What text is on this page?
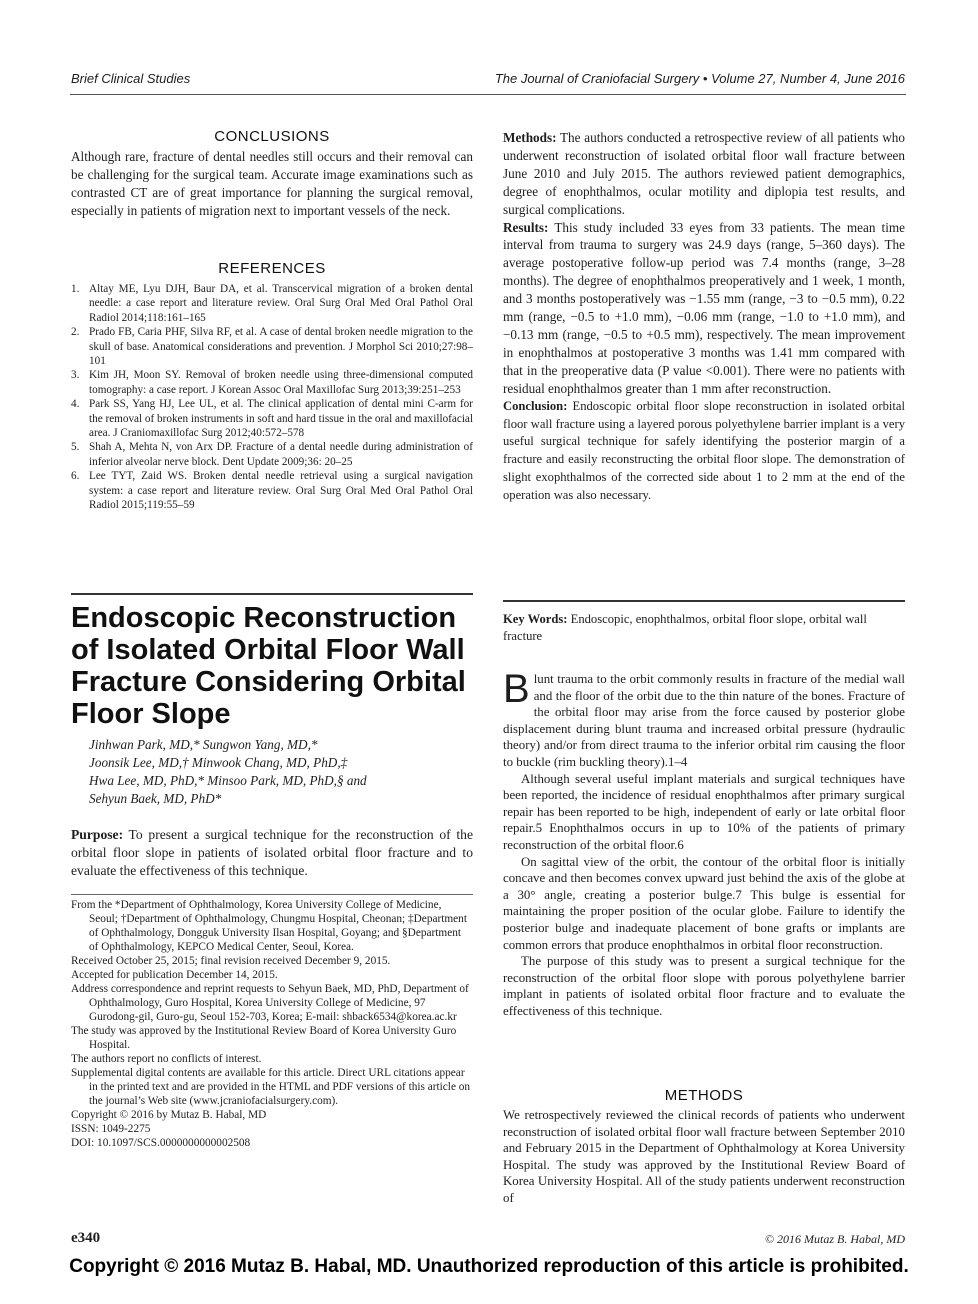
Brief Clinical Studies	The Journal of Craniofacial Surgery • Volume 27, Number 4, June 2016
CONCLUSIONS

Although rare, fracture of dental needles still occurs and their removal can be challenging for the surgical team. Accurate image examinations such as contrasted CT are of great importance for planning the surgical removal, especially in patients of migration next to important vessels of the neck.

REFERENCES
1. Altay ME, Lyu DJH, Baur DA, et al. Transcervical migration of a broken dental needle: a case report and literature review. Oral Surg Oral Med Oral Pathol Oral Radiol 2014;118:161–165
2. Prado FB, Caria PHF, Silva RF, et al. A case of dental broken needle migration to the skull of base. Anatomical considerations and prevention. J Morphol Sci 2010;27:98–101
3. Kim JH, Moon SY. Removal of broken needle using three-dimensional computed tomography: a case report. J Korean Assoc Oral Maxillofac Surg 2013;39:251–253
4. Park SS, Yang HJ, Lee UL, et al. The clinical application of dental mini C-arm for the removal of broken instruments in soft and hard tissue in the oral and maxillofacial area. J Craniomaxillofac Surg 2012;40:572–578
5. Shah A, Mehta N, von Arx DP. Fracture of a dental needle during administration of inferior alveolar nerve block. Dent Update 2009;36: 20–25
6. Lee TYT, Zaid WS. Broken dental needle retrieval using a surgical navigation system: a case report and literature review. Oral Surg Oral Med Oral Pathol Oral Radiol 2015;119:55–59
Endoscopic Reconstruction of Isolated Orbital Floor Wall Fracture Considering Orbital Floor Slope
Jinhwan Park, MD,* Sungwon Yang, MD,*
Joonsik Lee, MD,† Minwook Chang, MD, PhD,‡
Hwa Lee, MD, PhD,* Minsoo Park, MD, PhD,§ and
Sehyun Baek, MD, PhD*

Purpose: To present a surgical technique for the reconstruction of the orbital floor slope in patients of isolated orbital floor fracture and to evaluate the effectiveness of this technique.

From the *Department of Ophthalmology, Korea University College of Medicine, Seoul; †Department of Ophthalmology, Chungmu Hospital, Cheonan; ‡Department of Ophthalmology, Dongguk University Ilsan Hospital, Goyang; and §Department of Ophthalmology, KEPCO Medical Center, Seoul, Korea.

Received October 25, 2015; final revision received December 9, 2015.

Accepted for publication December 14, 2015.

Address correspondence and reprint requests to Sehyun Baek, MD, PhD, Department of Ophthalmology, Guro Hospital, Korea University College of Medicine, 97 Gurodong-gil, Guro-gu, Seoul 152-703, Korea; E-mail: shback6534@korea.ac.kr

The study was approved by the Institutional Review Board of Korea University Guro Hospital.

The authors report no conflicts of interest.

Supplemental digital contents are available for this article. Direct URL citations appear in the printed text and are provided in the HTML and PDF versions of this article on the journal’s Web site (www.jcraniofacialsurgery.com).

Copyright © 2016 by Mutaz B. Habal, MD

ISSN: 1049-2275

DOI: 10.1097/SCS.0000000000002508

Methods: The authors conducted a retrospective review of all patients who underwent reconstruction of isolated orbital floor wall fracture between June 2010 and July 2015. The authors reviewed patient demographics, degree of enophthalmos, ocular motility and diplopia test results, and surgical complications.

Results: This study included 33 eyes from 33 patients. The mean time interval from trauma to surgery was 24.9 days (range, 5–360 days). The average postoperative follow-up period was 7.4 months (range, 3–28 months). The degree of enophthalmos preoperatively and 1 week, 1 month, and 3 months postoperatively was −1.55 mm (range, −3 to −0.5 mm), 0.22 mm (range, −0.5 to +1.0 mm), −0.06 mm (range, −1.0 to +1.0 mm), and −0.13 mm (range, −0.5 to +0.5 mm), respectively. The mean improvement in enophthalmos at postoperative 3 months was 1.41 mm compared with that in the preoperative data (P value <0.001). There were no patients with residual enophthalmos greater than 1 mm after reconstruction.

Conclusion: Endoscopic orbital floor slope reconstruction in isolated orbital floor wall fracture using a layered porous polyethylene barrier implant is a very useful surgical technique for safely identifying the posterior margin of a fracture and easily reconstructing the orbital floor slope. The demonstration of slight exophthalmos of the corrected side about 1 to 2 mm at the end of the operation was also necessary.

Key Words: Endoscopic, enophthalmos, orbital floor slope, orbital wall fracture

Blunt trauma to the orbit commonly results in fracture of the medial wall and the floor of the orbit due to the thin nature of the bones. Fracture of the orbital floor may arise from the force caused by posterior globe displacement during blunt trauma and increased orbital pressure (hydraulic theory) and/or from direct trauma to the inferior orbital rim causing the floor to buckle (rim buckling theory).1–4

Although several useful implant materials and surgical techniques have been reported, the incidence of residual enophthalmos after primary surgical repair has been reported to be high, independent of early or late orbital floor repair.5 Enophthalmos occurs in up to 10% of the patients of primary reconstruction of the orbital floor.6

On sagittal view of the orbit, the contour of the orbital floor is initially concave and then becomes convex upward just behind the axis of the globe at a 30° angle, creating a posterior bulge.7 This bulge is essential for maintaining the proper position of the ocular globe. Failure to identify the posterior bulge and inadequate placement of bone grafts or implants are common errors that produce enophthalmos in orbital floor reconstruction.

The purpose of this study was to present a surgical technique for the reconstruction of the orbital floor slope with porous polyethylene barrier implant in patients of isolated orbital floor fracture and to evaluate the effectiveness of this technique.

METHODS

We retrospectively reviewed the clinical records of patients who underwent reconstruction of isolated orbital floor wall fracture between September 2010 and February 2015 in the Department of Ophthalmology at Korea University Hospital. The study was approved by the Institutional Review Board of Korea University Hospital. All of the study patients underwent reconstruction of

e340	© 2016 Mutaz B. Habal, MD
Copyright © 2016 Mutaz B. Habal, MD. Unauthorized reproduction of this article is prohibited.
